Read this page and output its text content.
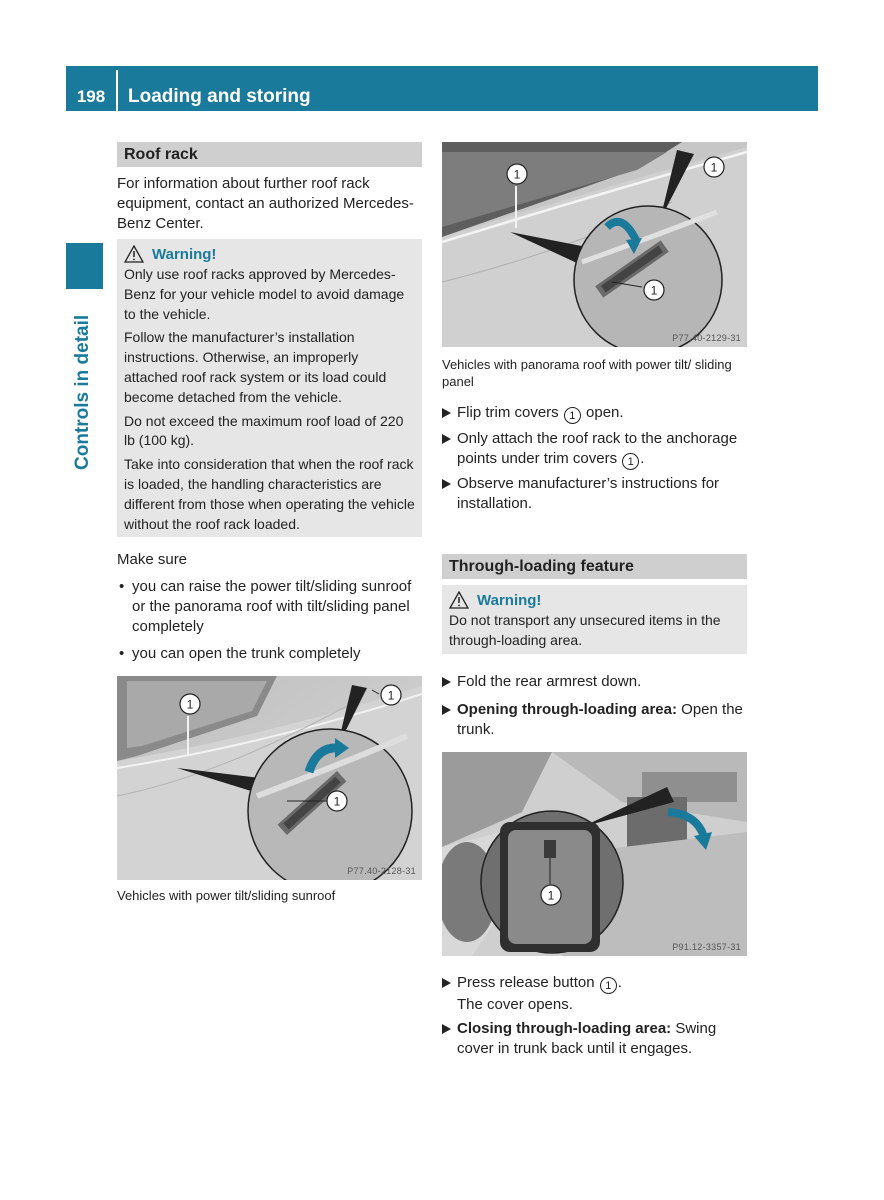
198	Loading and storing
Controls in detail
Roof rack

For information about further roof rack equipment, contact an authorized Mercedes-Benz Center.

Warning!

Only use roof racks approved by Mercedes-Benz for your vehicle model to avoid damage to the vehicle.

Follow the manufacturer’s installation instructions. Otherwise, an improperly attached roof rack system or its load could become detached from the vehicle.

Do not exceed the maximum roof load of 220 lb (100 kg).

Take into consideration that when the roof rack is loaded, the handling characteristics are different from those when operating the vehicle without the roof rack loaded.

Make sure

• you can raise the power tilt/sliding sunroof or the panorama roof with tilt/sliding panel completely
• you can open the trunk completely
1
1
1
P77.40-2128-31

Vehicles with power tilt/sliding sunroof

1	1
1
P77.40-2129-31

Vehicles with panorama roof with power tilt/ sliding panel

Flip trim covers 1 open.
Only attach the roof rack to the anchorage points under trim covers 1 .
Observe manufacturer’s instructions for installation.
Through-loading feature
Warning!

Do not transport any unsecured items in the through-loading area.

Fold the rear armrest down.
Opening through-loading area: Open the trunk.
1
P91.12-3357-31
Press release button 1 .
The cover opens.
Closing through-loading area: Swing cover in trunk back until it engages.
